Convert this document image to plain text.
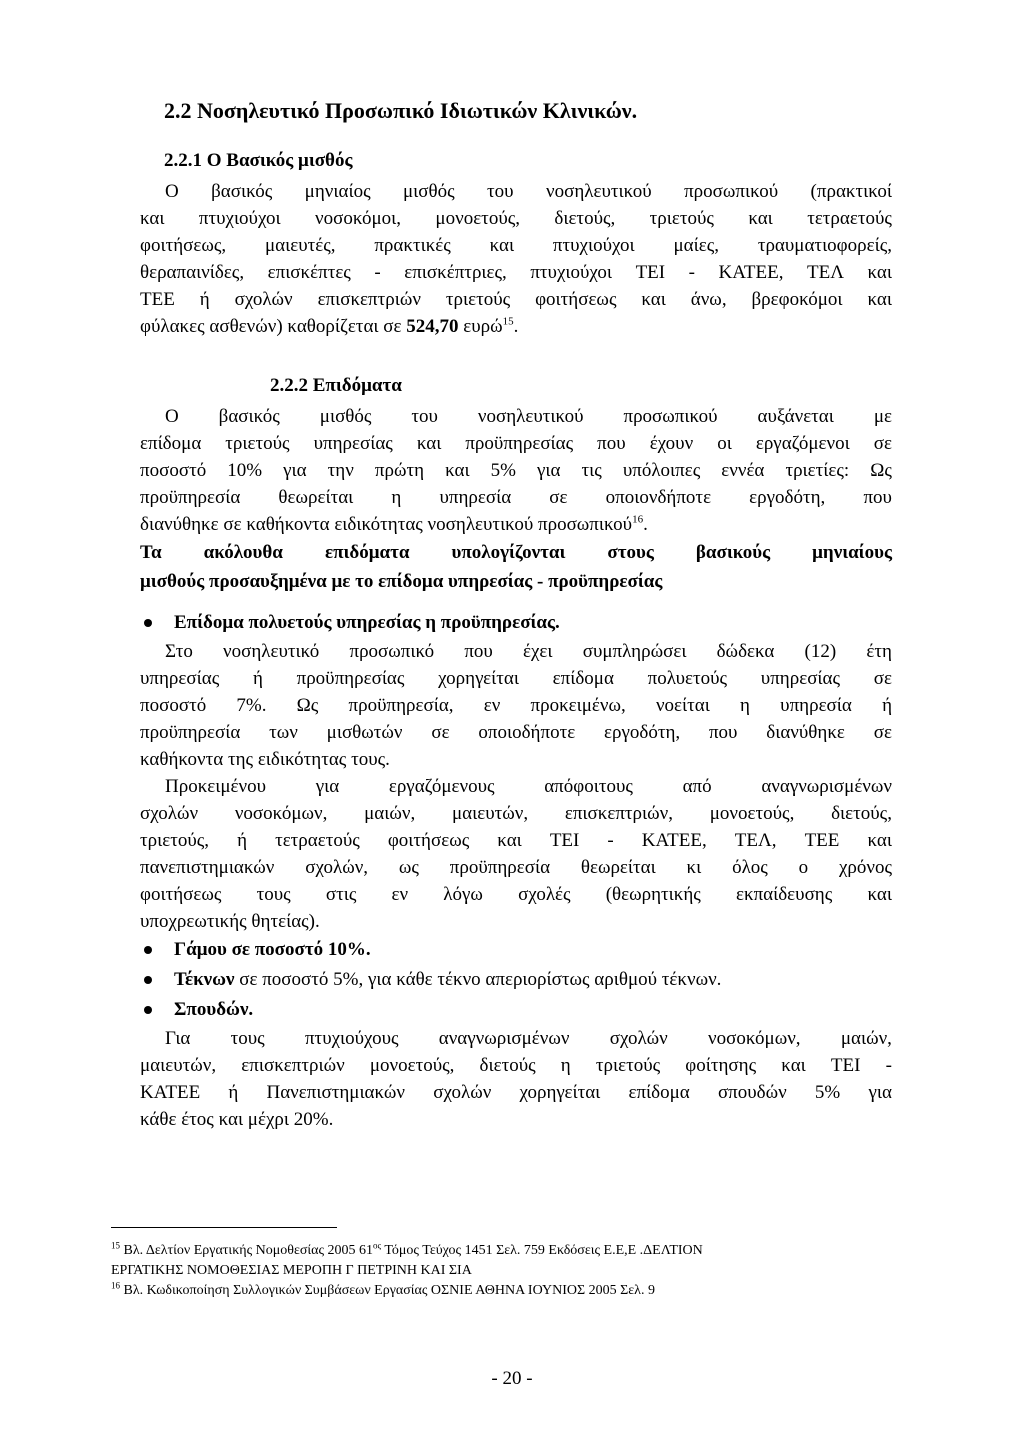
2.2 Νοσηλευτικό Προσωπικό Ιδιωτικών Κλινικών.
2.2.1 Ο Βασικός μισθός
Ο βασικός μηνιαίος μισθός του νοσηλευτικού προσωπικού (πρακτικοί
και πτυχιούχοι νοσοκόμοι, μονοετούς, διετούς, τριετούς και τετραετούς
φοιτήσεως, μαιευτές, πρακτικές και πτυχιούχοι μαίες, τραυματιοφορείς,
θεραπαινίδες, επισκέπτες - επισκέπτριες, πτυχιούχοι ΤΕΙ - ΚΑΤΕΕ, ΤΕΛ και
ΤΕΕ ή σχολών επισκεπτριών τριετούς φοιτήσεως και άνω, βρεφοκόμοι και
φύλακες ασθενών) καθορίζεται σε 524,70 ευρώ$^{15}$.
2.2.2 Επιδόματα
Ο βασικός μισθός του νοσηλευτικού προσωπικού αυξάνεται με
επίδομα τριετούς υπηρεσίας και προϋπηρεσίας που έχουν οι εργαζόμενοι σε
ποσοστό 10% για την πρώτη και 5% για τις υπόλοιπες εννέα τριετίες: Ως
προϋπηρεσία θεωρείται η υπηρεσία σε οποιονδήποτε εργοδότη, που
διανύθηκε σε καθήκοντα ειδικότητας νοσηλευτικού προσωπικού$^{16}$.
Τα ακόλουθα επιδόματα υπολογίζονται στους βασικούς μηνιαίους
μισθούς προσαυξημένα με το επίδομα υπηρεσίας - προϋπηρεσίας
Επίδομα πολυετούς υπηρεσίας η προϋπηρεσίας.
Στο νοσηλευτικό προσωπικό που έχει συμπληρώσει δώδεκα (12) έτη
υπηρεσίας ή προϋπηρεσίας χορηγείται επίδομα πολυετούς υπηρεσίας σε
ποσοστό 7%. Ως προϋπηρεσία, εν προκειμένω, νοείται η υπηρεσία ή
προϋπηρεσία των μισθωτών σε οποιοδήποτε εργοδότη, που διανύθηκε σε
καθήκοντα της ειδικότητας τους.
Προκειμένου	για	εργαζόμενους	απόφοιτους	από	αναγνωρισμένων
σχολών νοσοκόμων, μαιών, μαιευτών, επισκεπτριών, μονοετούς, διετούς,
τριετούς, ή τετραετούς φοιτήσεως και ΤΕΙ - ΚΑΤΕΕ, ΤΕΛ, ΤΕΕ και
πανεπιστημιακών σχολών, ως προϋπηρεσία θεωρείται κι όλος ο χρόνος
φοιτήσεως τους στις εν λόγω σχολές (θεωρητικής εκπαίδευσης και
υποχρεωτικής θητείας).
Γάμου σε ποσοστό 10%.
Τέκνων σε ποσοστό 5%, για κάθε τέκνο απεριορίστως αριθμού τέκνων.
Σπουδών.
Για τους πτυχιούχους αναγνωρισμένων σχολών νοσοκόμων, μαιών,
μαιευτών, επισκεπτριών μονοετούς, διετούς η τριετούς φοίτησης και ΤΕΙ -
ΚΑΤΕΕ ή Πανεπιστημιακών σχολών χορηγείται επίδομα σπουδών 5% για
κάθε έτος και μέχρι 20%.
$^{15}$ Βλ. Δελτίον Εργατικής Νομοθεσίας 2005 $61^{o\varsigma}$ Τόμος Τεύχος 1451 Σελ. 759 Εκδόσεις Ε.Ε,Ε .ΔΕΛΤΙΟΝ
ΕΡΓΑΤΙΚΗΣ ΝΟΜΟΘΕΣΙΑΣ ΜΕΡΟΠΗ Γ ΠΕΤΡΙΝΗ ΚΑΙ ΣΙΑ
$^{16}$ Βλ. Κωδικοποίηση Συλλογικών Συμβάσεων Εργασίας ΟΣΝΙΕ ΑΘΗΝΑ ΙΟΥΝΙΟΣ 2005 Σελ. 9
- 20 -
